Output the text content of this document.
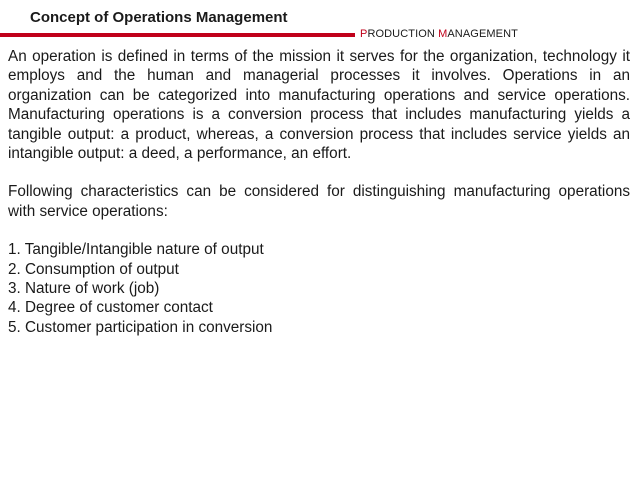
Concept of Operations Management
PRODUCTION MANAGEMENT

An operation is defined in terms of the mission it serves for the organization, technology it employs and the human and managerial processes it involves. Operations in an organization can be categorized into manufacturing operations and service operations. Manufacturing operations is a conversion process that includes manufacturing yields a tangible output: a product, whereas, a conversion process that includes service yields an intangible output: a deed, a performance, an effort.

Following characteristics can be considered for distinguishing manufacturing operations with service operations:

1. Tangible/Intangible nature of output
2. Consumption of output
3. Nature of work (job)
4. Degree of customer contact
5. Customer participation in conversion
